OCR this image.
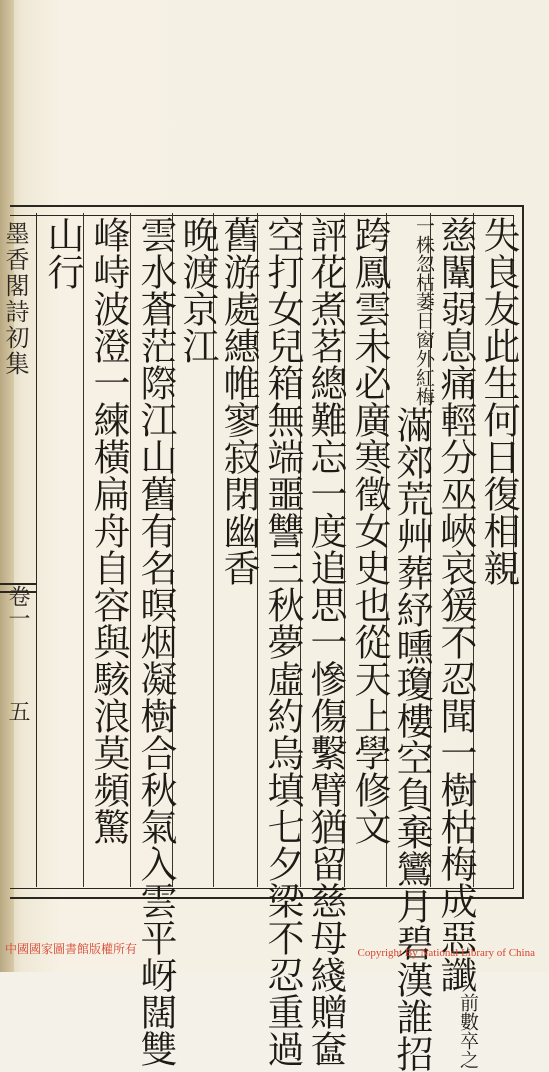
墨香閣詩初集
卷一
五
失良友此生何日復相親
慈闈弱息痛輕分巫峽哀猨不忍聞一樹枯梅成惡讖
卒之
前數
日窗外紅梅
一株忽枯萎
滿郊荒艸葬紓曛瓊樓空負棄鸞月碧漢誰招
跨鳳雲未必廣寒徵女史也從天上學修文
評花煮茗總難忘一度追思一慘傷繫臂猶留慈母綫贈奩
空打女兒箱無端噩讐三秋夢虛約烏填七夕梁不忍重過
舊游處繐帷寥寂閉幽香
晚渡京江
雲水蒼茫際江山舊有名暝烟凝樹合秋氣入雲平岈闊雙
峰峙波澄一練橫扁舟自容與駭浪莫頻驚
山行
中國國家圖書館版權所有	Copyright By National Library of China
